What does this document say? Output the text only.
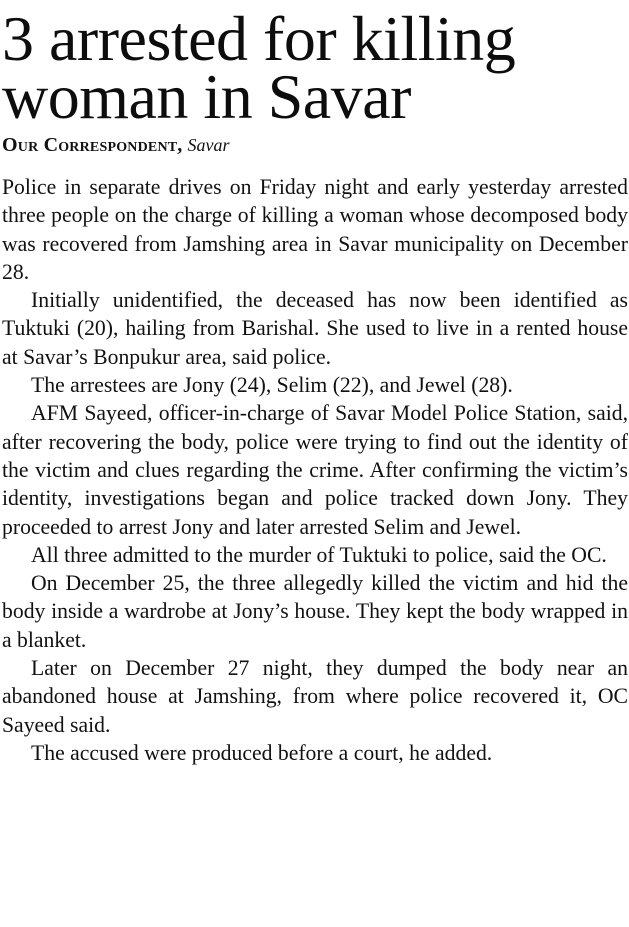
3 arrested for killing
woman in Savar
Our Correspondent, Savar

Police in separate drives on Friday night and early yesterday arrested three people on the charge of killing a woman whose decomposed body was recovered from Jamshing area in Savar municipality on December 28.

Initially unidentified, the deceased has now been identified as Tuktuki (20), hailing from Barishal. She used to live in a rented house at Savar’s Bonpukur area, said police.

The arrestees are Jony (24), Selim (22), and Jewel (28).

AFM Sayeed, officer-in-charge of Savar Model Police Station, said, after recovering the body, police were trying to find out the identity of the victim and clues regarding the crime. After confirming the victim’s identity, investigations began and police tracked down Jony. They proceeded to arrest Jony and later arrested Selim and Jewel.

All three admitted to the murder of Tuktuki to police, said the OC.

On December 25, the three allegedly killed the victim and hid the body inside a wardrobe at Jony’s house. They kept the body wrapped in a blanket.

Later on December 27 night, they dumped the body near an abandoned house at Jamshing, from where police recovered it, OC Sayeed said.

The accused were produced before a court, he added.
